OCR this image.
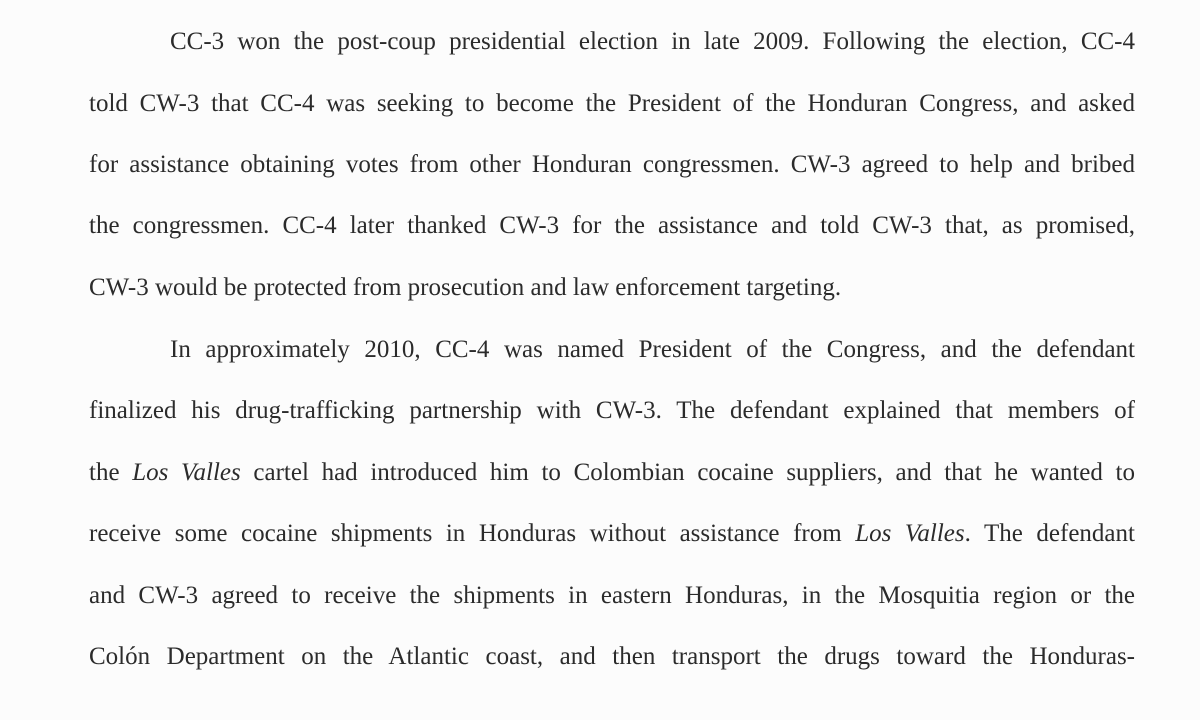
CC-3 won the post-coup presidential election in late 2009. Following the election, CC-4
told CW-3 that CC-4 was seeking to become the President of the Honduran Congress, and asked
for assistance obtaining votes from other Honduran congressmen. CW-3 agreed to help and bribed
the congressmen. CC-4 later thanked CW-3 for the assistance and told CW-3 that, as promised,
CW-3 would be protected from prosecution and law enforcement targeting.
In approximately 2010, CC-4 was named President of the Congress, and the defendant
finalized his drug-trafficking partnership with CW-3. The defendant explained that members of
the Los Valles cartel had introduced him to Colombian cocaine suppliers, and that he wanted to
receive some cocaine shipments in Honduras without assistance from Los Valles. The defendant
and CW-3 agreed to receive the shipments in eastern Honduras, in the Mosquitia region or the
Colón Department on the Atlantic coast, and then transport the drugs toward the Honduras-
